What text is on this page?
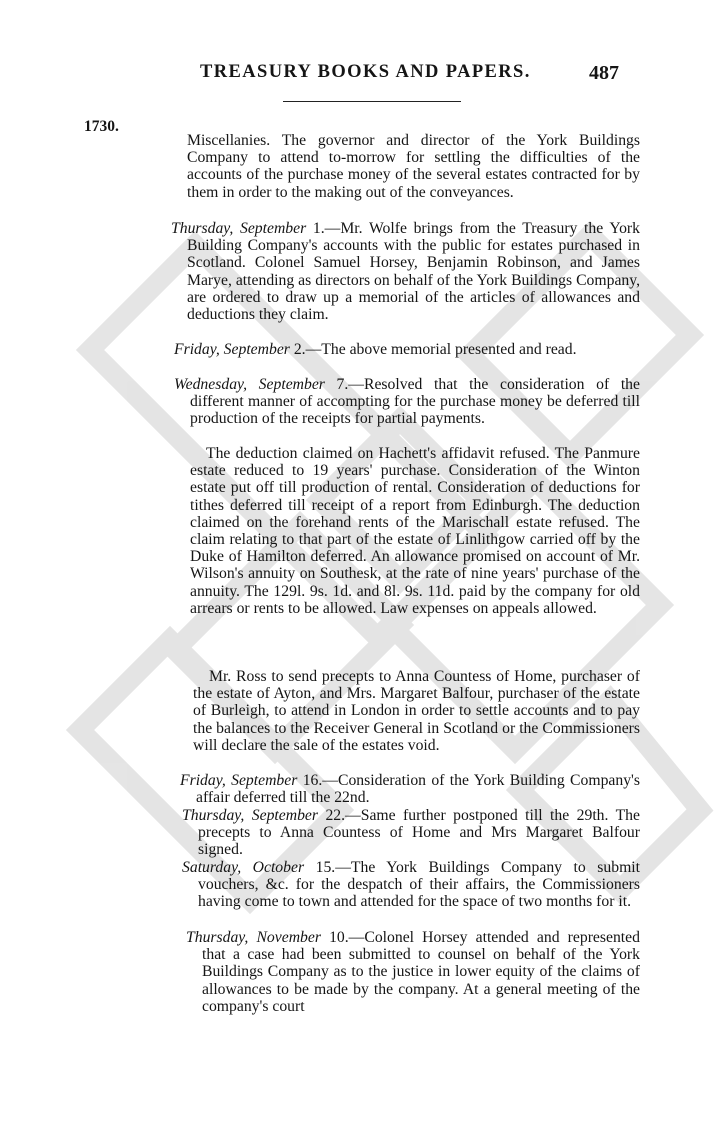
TREASURY BOOKS AND PAPERS.	487
1730.

Miscellanies. The governor and director of the York Buildings Company to attend to-morrow for settling the difficulties of the accounts of the purchase money of the several estates contracted for by them in order to the making out of the conveyances.

Thursday, September 1.—Mr. Wolfe brings from the Treasury the York Building Company's accounts with the public for estates purchased in Scotland. Colonel Samuel Horsey, Benjamin Robinson, and James Marye, attending as directors on behalf of the York Buildings Company, are ordered to draw up a memorial of the articles of allowances and deductions they claim.

Friday, September 2.—The above memorial presented and read.

Wednesday, September 7.—Resolved that the consideration of the different manner of accompting for the purchase money be deferred till production of the receipts for partial payments.

The deduction claimed on Hachett's affidavit refused. The Panmure estate reduced to 19 years' purchase. Consideration of the Winton estate put off till production of rental. Consideration of deductions for tithes deferred till receipt of a report from Edinburgh. The deduction claimed on the forehand rents of the Marischall estate refused. The claim relating to that part of the estate of Linlithgow carried off by the Duke of Hamilton deferred. An allowance promised on account of Mr. Wilson's annuity on Southesk, at the rate of nine years' purchase of the annuity. The 129l. 9s. 1d. and 8l. 9s. 11d. paid by the company for old arrears or rents to be allowed. Law expenses on appeals allowed.

Mr. Ross to send precepts to Anna Countess of Home, purchaser of the estate of Ayton, and Mrs. Margaret Balfour, purchaser of the estate of Burleigh, to attend in London in order to settle accounts and to pay the balances to the Receiver General in Scotland or the Commissioners will declare the sale of the estates void.

Friday, September 16.—Consideration of the York Building Company's affair deferred till the 22nd.

Thursday, September 22.—Same further postponed till the 29th. The precepts to Anna Countess of Home and Mrs Margaret Balfour signed.

Saturday, October 15.—The York Buildings Company to submit vouchers, &c. for the despatch of their affairs, the Commissioners having come to town and attended for the space of two months for it.

Thursday, November 10.—Colonel Horsey attended and represented that a case had been submitted to counsel on behalf of the York Buildings Company as to the justice in lower equity of the claims of allowances to be made by the company. At a general meeting of the company's court
